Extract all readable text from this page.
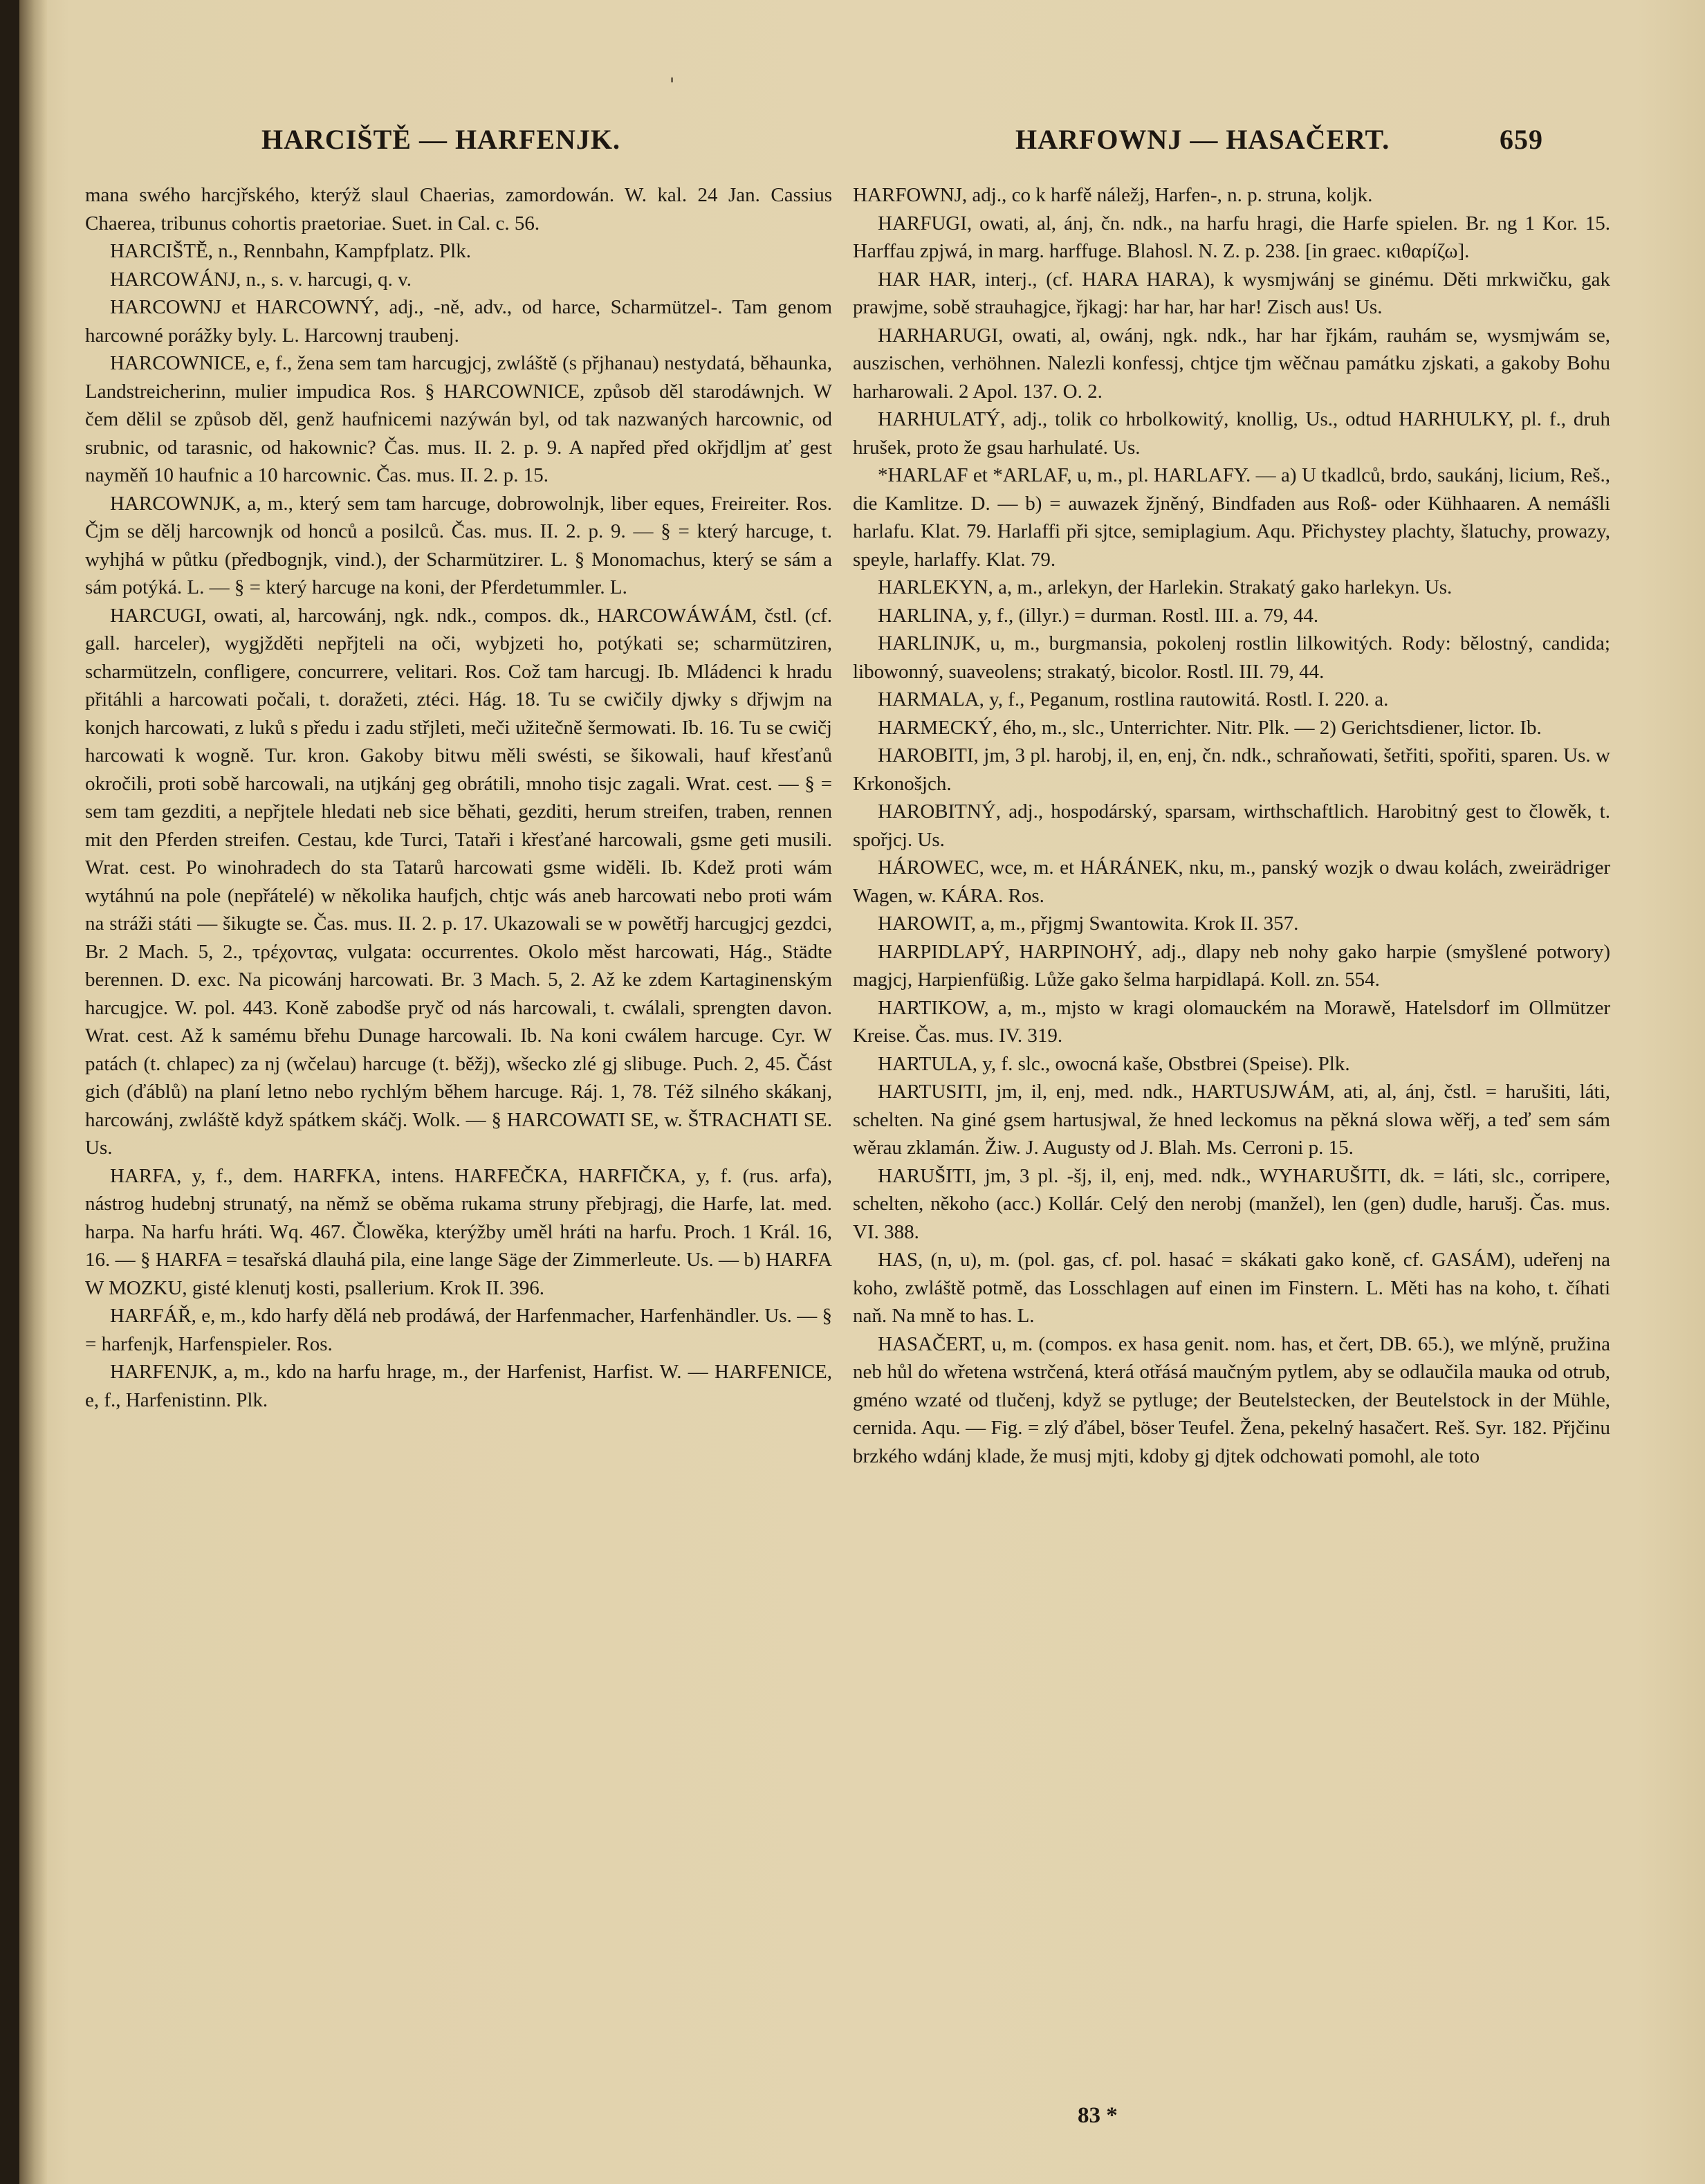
'
HARCIŠTĚ — HARFENJK.	HARFOWNJ — HASAČERT.	659

mana swého harcjřského, kterýž slaul Chaerias, zamordowán. W. kal. 24 Jan. Cassius Chaerea, tribunus cohortis praetoriae. Suet. in Cal. c. 56.

HARCIŠTĚ, n., Rennbahn, Kampfplatz. Plk.

HARCOWÁNJ, n., s. v. harcugi, q. v.

HARCOWNJ et HARCOWNÝ, adj., -ně, adv., od harce, Scharmützel-. Tam genom harcowné porážky byly. L. Harcownj traubenj.

HARCOWNICE, e, f., žena sem tam harcugjcj, zwláště (s přjhanau) nestydatá, běhaunka, Landstreicherinn, mulier impudica Ros. § HARCOWNICE, způsob děl starodáwnjch. W čem dělil se způsob děl, genž haufnicemi nazýwán byl, od tak nazwaných harcownic, od srubnic, od tarasnic, od hakownic? Čas. mus. II. 2. p. 9. A napřed před okřjdljm ať gest nayměň 10 haufnic a 10 harcownic. Čas. mus. II. 2. p. 15.

HARCOWNJK, a, m., který sem tam harcuge, dobrowolnjk, liber eques, Freireiter. Ros. Čjm se dělj harcownjk od honců a posilců. Čas. mus. II. 2. p. 9. — § = který harcuge, t. wyhjhá w půtku (předbognjk, vind.), der Scharmützirer. L. § Monomachus, který se sám a sám potýká. L. — § = který harcuge na koni, der Pferdetummler. L.

HARCUGI, owati, al, harcowánj, ngk. ndk., compos. dk., HARCOWÁWÁM, čstl. (cf. gall. harceler), wygjžděti nepřjteli na oči, wybjzeti ho, potýkati se; scharmütziren, scharmützeln, confligere, concurrere, velitari. Ros. Což tam harcugj. Ib. Mládenci k hradu přitáhli a harcowati počali, t. doražeti, ztéci. Hág. 18. Tu se cwičily djwky s dřjwjm na konjch harcowati, z luků s předu i zadu střjleti, meči užitečně šermowati. Ib. 16. Tu se cwičj harcowati k wogně. Tur. kron. Gakoby bitwu měli swésti, se šikowali, hauf křesťanů okročili, proti sobě harcowali, na utjkánj geg obrátili, mnoho tisjc zagali. Wrat. cest. — § = sem tam gezditi, a nepřjtele hledati neb sice běhati, gezditi, herum streifen, traben, rennen mit den Pferden streifen. Cestau, kde Turci, Tataři i křesťané harcowali, gsme geti musili. Wrat. cest. Po winohradech do sta Tatarů harcowati gsme widěli. Ib. Kdež proti wám wytáhnú na pole (nepřátelé) w několika haufjch, chtjc wás aneb harcowati nebo proti wám na stráži státi — šikugte se. Čas. mus. II. 2. p. 17. Ukazowali se w powětřj harcugjcj gezdci, Br. 2 Mach. 5, 2., τρέχοντας, vulgata: occurrentes. Okolo měst harcowati, Hág., Städte berennen. D. exc. Na picowánj harcowati. Br. 3 Mach. 5, 2. Až ke zdem Kartaginenským harcugjce. W. pol. 443. Koně zabodše pryč od nás harcowali, t. cwálali, sprengten davon. Wrat. cest. Až k samému břehu Dunage harcowali. Ib. Na koni cwálem harcuge. Cyr. W patách (t. chlapec) za nj (wčelau) harcuge (t. běžj), wšecko zlé gj slibuge. Puch. 2, 45. Část gich (ďáblů) na planí letno nebo rychlým během harcuge. Ráj. 1, 78. Též silného skákanj, harcowánj, zwláště když spátkem skáčj. Wolk. — § HARCOWATI SE, w. ŠTRACHATI SE. Us.

HARFA, y, f., dem. HARFKA, intens. HARFEČKA, HARFIČKA, y, f. (rus. arfa), nástrog hudebnj strunatý, na němž se oběma rukama struny přebjragj, die Harfe, lat. med. harpa. Na harfu hráti. Wq. 467. Člowěka, kterýžby uměl hráti na harfu. Proch. 1 Král. 16, 16. — § HARFA = tesařská dlauhá pila, eine lange Säge der Zimmerleute. Us. — b) HARFA W MOZKU, gisté klenutj kosti, psallerium. Krok II. 396.

HARFÁŘ, e, m., kdo harfy dělá neb prodáwá, der Harfenmacher, Harfenhändler. Us. — § = harfenjk, Harfenspieler. Ros.

HARFENJK, a, m., kdo na harfu hrage, m., der Harfenist, Harfist. W. — HARFENICE, e, f., Harfenistinn. Plk.

HARFOWNJ, adj., co k harfě náležj, Harfen-, n. p. struna, koljk.

HARFUGI, owati, al, ánj, čn. ndk., na harfu hragi, die Harfe spielen. Br. ng 1 Kor. 15. Harffau zpjwá, in marg. harffuge. Blahosl. N. Z. p. 238. [in graec. κιθαρίζω].

HAR HAR, interj., (cf. HARA HARA), k wysmjwánj se ginému. Děti mrkwičku, gak prawjme, sobě strauhagjce, řjkagj: har har, har har! Zisch aus! Us.

HARHARUGI, owati, al, owánj, ngk. ndk., har har řjkám, rauhám se, wysmjwám se, auszischen, verhöhnen. Nalezli konfessj, chtjce tjm wěčnau památku zjskati, a gakoby Bohu harharowali. 2 Apol. 137. O. 2.

HARHULATÝ, adj., tolik co hrbolkowitý, knollig, Us., odtud HARHULKY, pl. f., druh hrušek, proto že gsau harhulaté. Us.

*HARLAF et *ARLAF, u, m., pl. HARLAFY. — a) U tkadlců, brdo, saukánj, licium, Reš., die Kamlitze. D. — b) = auwazek žjněný, Bindfaden aus Roß- oder Kühhaaren. A nemášli harlafu. Klat. 79. Harlaffi při sjtce, semiplagium. Aqu. Přichystey plachty, šlatuchy, prowazy, speyle, harlaffy. Klat. 79.

HARLEKYN, a, m., arlekyn, der Harlekin. Strakatý gako harlekyn. Us.

HARLINA, y, f., (illyr.) = durman. Rostl. III. a. 79, 44.

HARLINJK, u, m., burgmansia, pokolenj rostlin lilkowitých. Rody: bělostný, candida; libowonný, suaveolens; strakatý, bicolor. Rostl. III. 79, 44.

HARMALA, y, f., Peganum, rostlina rautowitá. Rostl. I. 220. a.

HARMECKÝ, ého, m., slc., Unterrichter. Nitr. Plk. — 2) Gerichtsdiener, lictor. Ib.

HAROBITI, jm, 3 pl. harobj, il, en, enj, čn. ndk., schraňowati, šetřiti, spořiti, sparen. Us. w Krkonošjch.

HAROBITNÝ, adj., hospodárský, sparsam, wirthschaftlich. Harobitný gest to člowěk, t. spořjcj. Us.

HÁROWEC, wce, m. et HÁRÁNEK, nku, m., panský wozjk o dwau kolách, zweirädriger Wagen, w. KÁRA. Ros.

HAROWIT, a, m., přjgmj Swantowita. Krok II. 357.

HARPIDLAPÝ, HARPINOHÝ, adj., dlapy neb nohy gako harpie (smyšlené potwory) magjcj, Harpienfüßig. Lůže gako šelma harpidlapá. Koll. zn. 554.

HARTIKOW, a, m., mjsto w kragi olomauckém na Morawě, Hatelsdorf im Ollmützer Kreise. Čas. mus. IV. 319.

HARTULA, y, f. slc., owocná kaše, Obstbrei (Speise). Plk.

HARTUSITI, jm, il, enj, med. ndk., HARTUSJWÁM, ati, al, ánj, čstl. = harušiti, láti, schelten. Na giné gsem hartusjwal, že hned leckomus na pěkná slowa wěřj, a teď sem sám wěrau zklamán. Žiw. J. Augusty od J. Blah. Ms. Cerroni p. 15.

HARUŠITI, jm, 3 pl. -šj, il, enj, med. ndk., WYHARUŠITI, dk. = láti, slc., corripere, schelten, někoho (acc.) Kollár. Celý den nerobj (manžel), len (gen) dudle, harušj. Čas. mus. VI. 388.

HAS, (n, u), m. (pol. gas, cf. pol. hasać = skákati gako koně, cf. GASÁM), udeřenj na koho, zwláště potmě, das Losschlagen auf einen im Finstern. L. Měti has na koho, t. číhati naň. Na mně to has. L.

HASAČERT, u, m. (compos. ex hasa genit. nom. has, et čert, DB. 65.), we mlýně, pružina neb hůl do wřetena wstrčená, která otřásá maučným pytlem, aby se odlaučila mauka od otrub, gméno wzaté od tlučenj, když se pytluge; der Beutelstecken, der Beutelstock in der Mühle, cernida. Aqu. — Fig. = zlý ďábel, böser Teufel. Žena, pekelný hasačert. Reš. Syr. 182. Přjčinu brzkého wdánj klade, že musj mjti, kdoby gj djtek odchowati pomohl, ale toto

83 *
